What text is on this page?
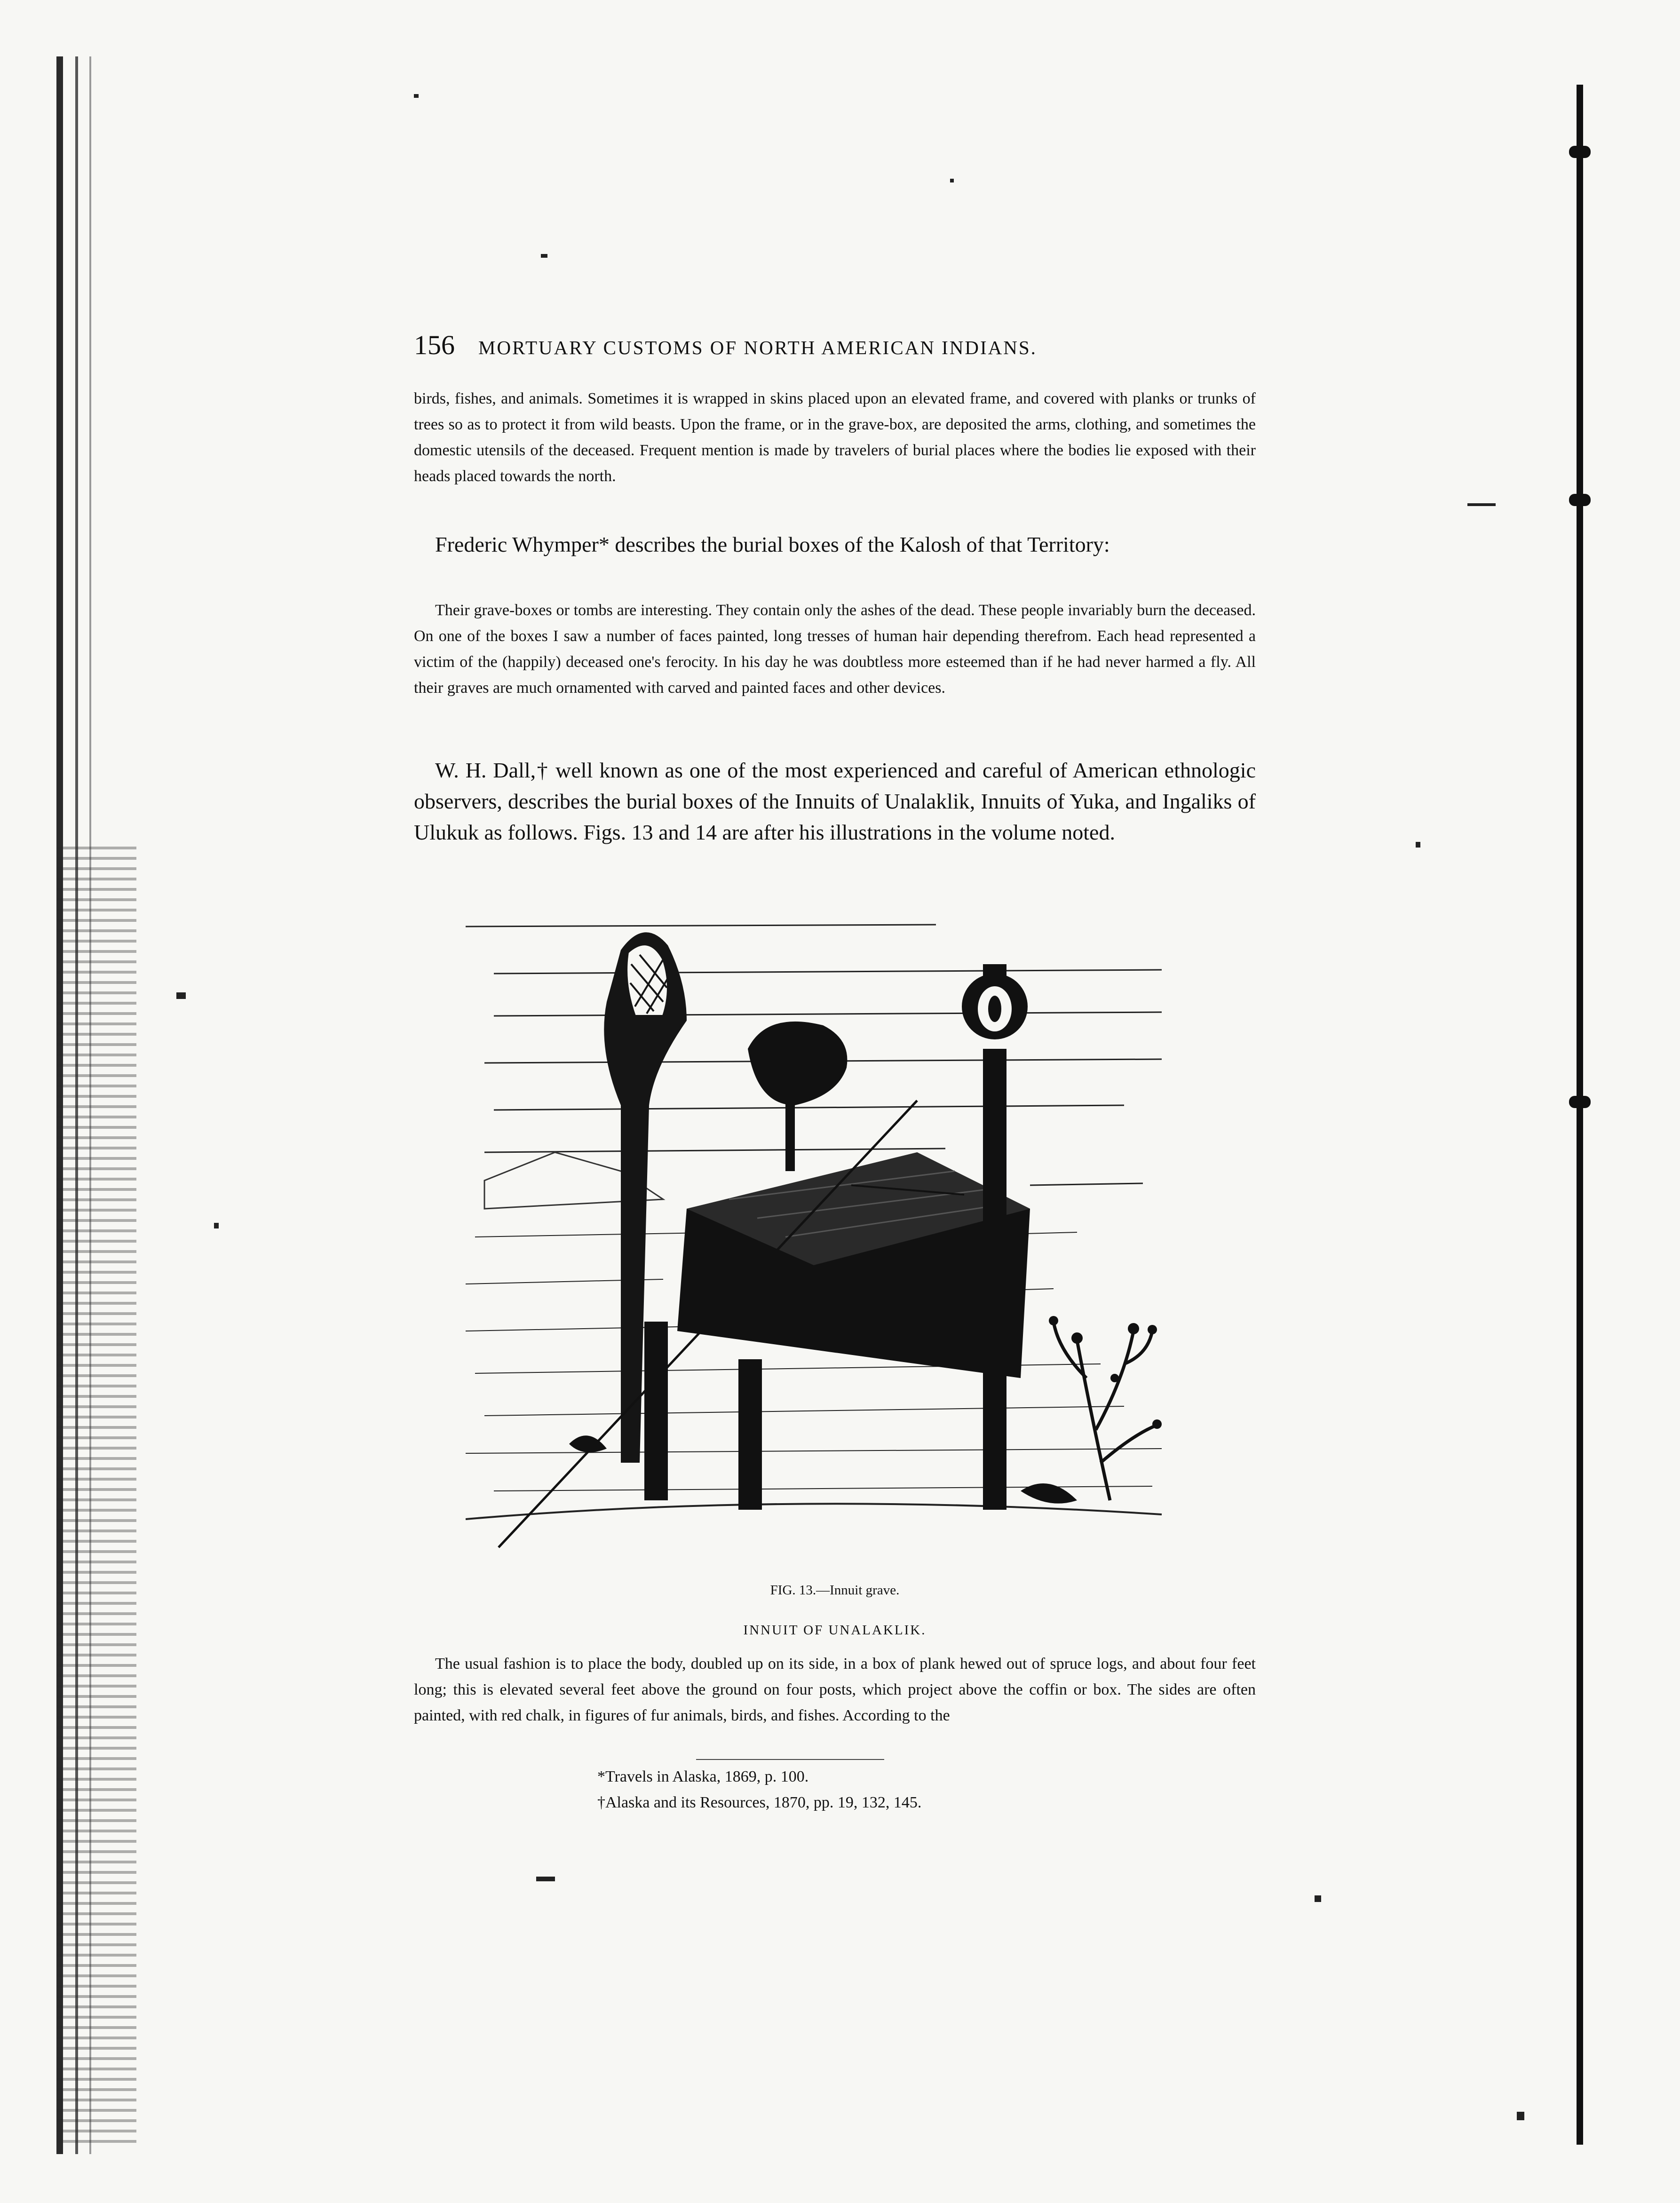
156 MORTUARY CUSTOMS OF NORTH AMERICAN INDIANS.

birds, fishes, and animals. Sometimes it is wrapped in skins placed upon an elevated frame, and covered with planks or trunks of trees so as to protect it from wild beasts. Upon the frame, or in the grave-box, are deposited the arms, clothing, and sometimes the domestic utensils of the deceased. Frequent mention is made by travelers of burial places where the bodies lie exposed with their heads placed towards the north.

Frederic Whymper* describes the burial boxes of the Kalosh of that Territory:

Their grave-boxes or tombs are interesting. They contain only the ashes of the dead. These people invariably burn the deceased. On one of the boxes I saw a number of faces painted, long tresses of human hair depending therefrom. Each head represented a victim of the (happily) deceased one's ferocity. In his day he was doubtless more esteemed than if he had never harmed a fly. All their graves are much ornamented with carved and painted faces and other devices.

W. H. Dall,† well known as one of the most experienced and careful of American ethnologic observers, describes the burial boxes of the Innuits of Unalaklik, Innuits of Yuka, and Ingaliks of Ulukuk as follows. Figs. 13 and 14 are after his illustrations in the volume noted.

FIG. 13.—Innuit grave.
INNUIT OF UNALAKLIK.

The usual fashion is to place the body, doubled up on its side, in a box of plank hewed out of spruce logs, and about four feet long; this is elevated several feet above the ground on four posts, which project above the coffin or box. The sides are often painted, with red chalk, in figures of fur animals, birds, and fishes. According to the

*Travels in Alaska, 1869, p. 100.
†Alaska and its Resources, 1870, pp. 19, 132, 145.
